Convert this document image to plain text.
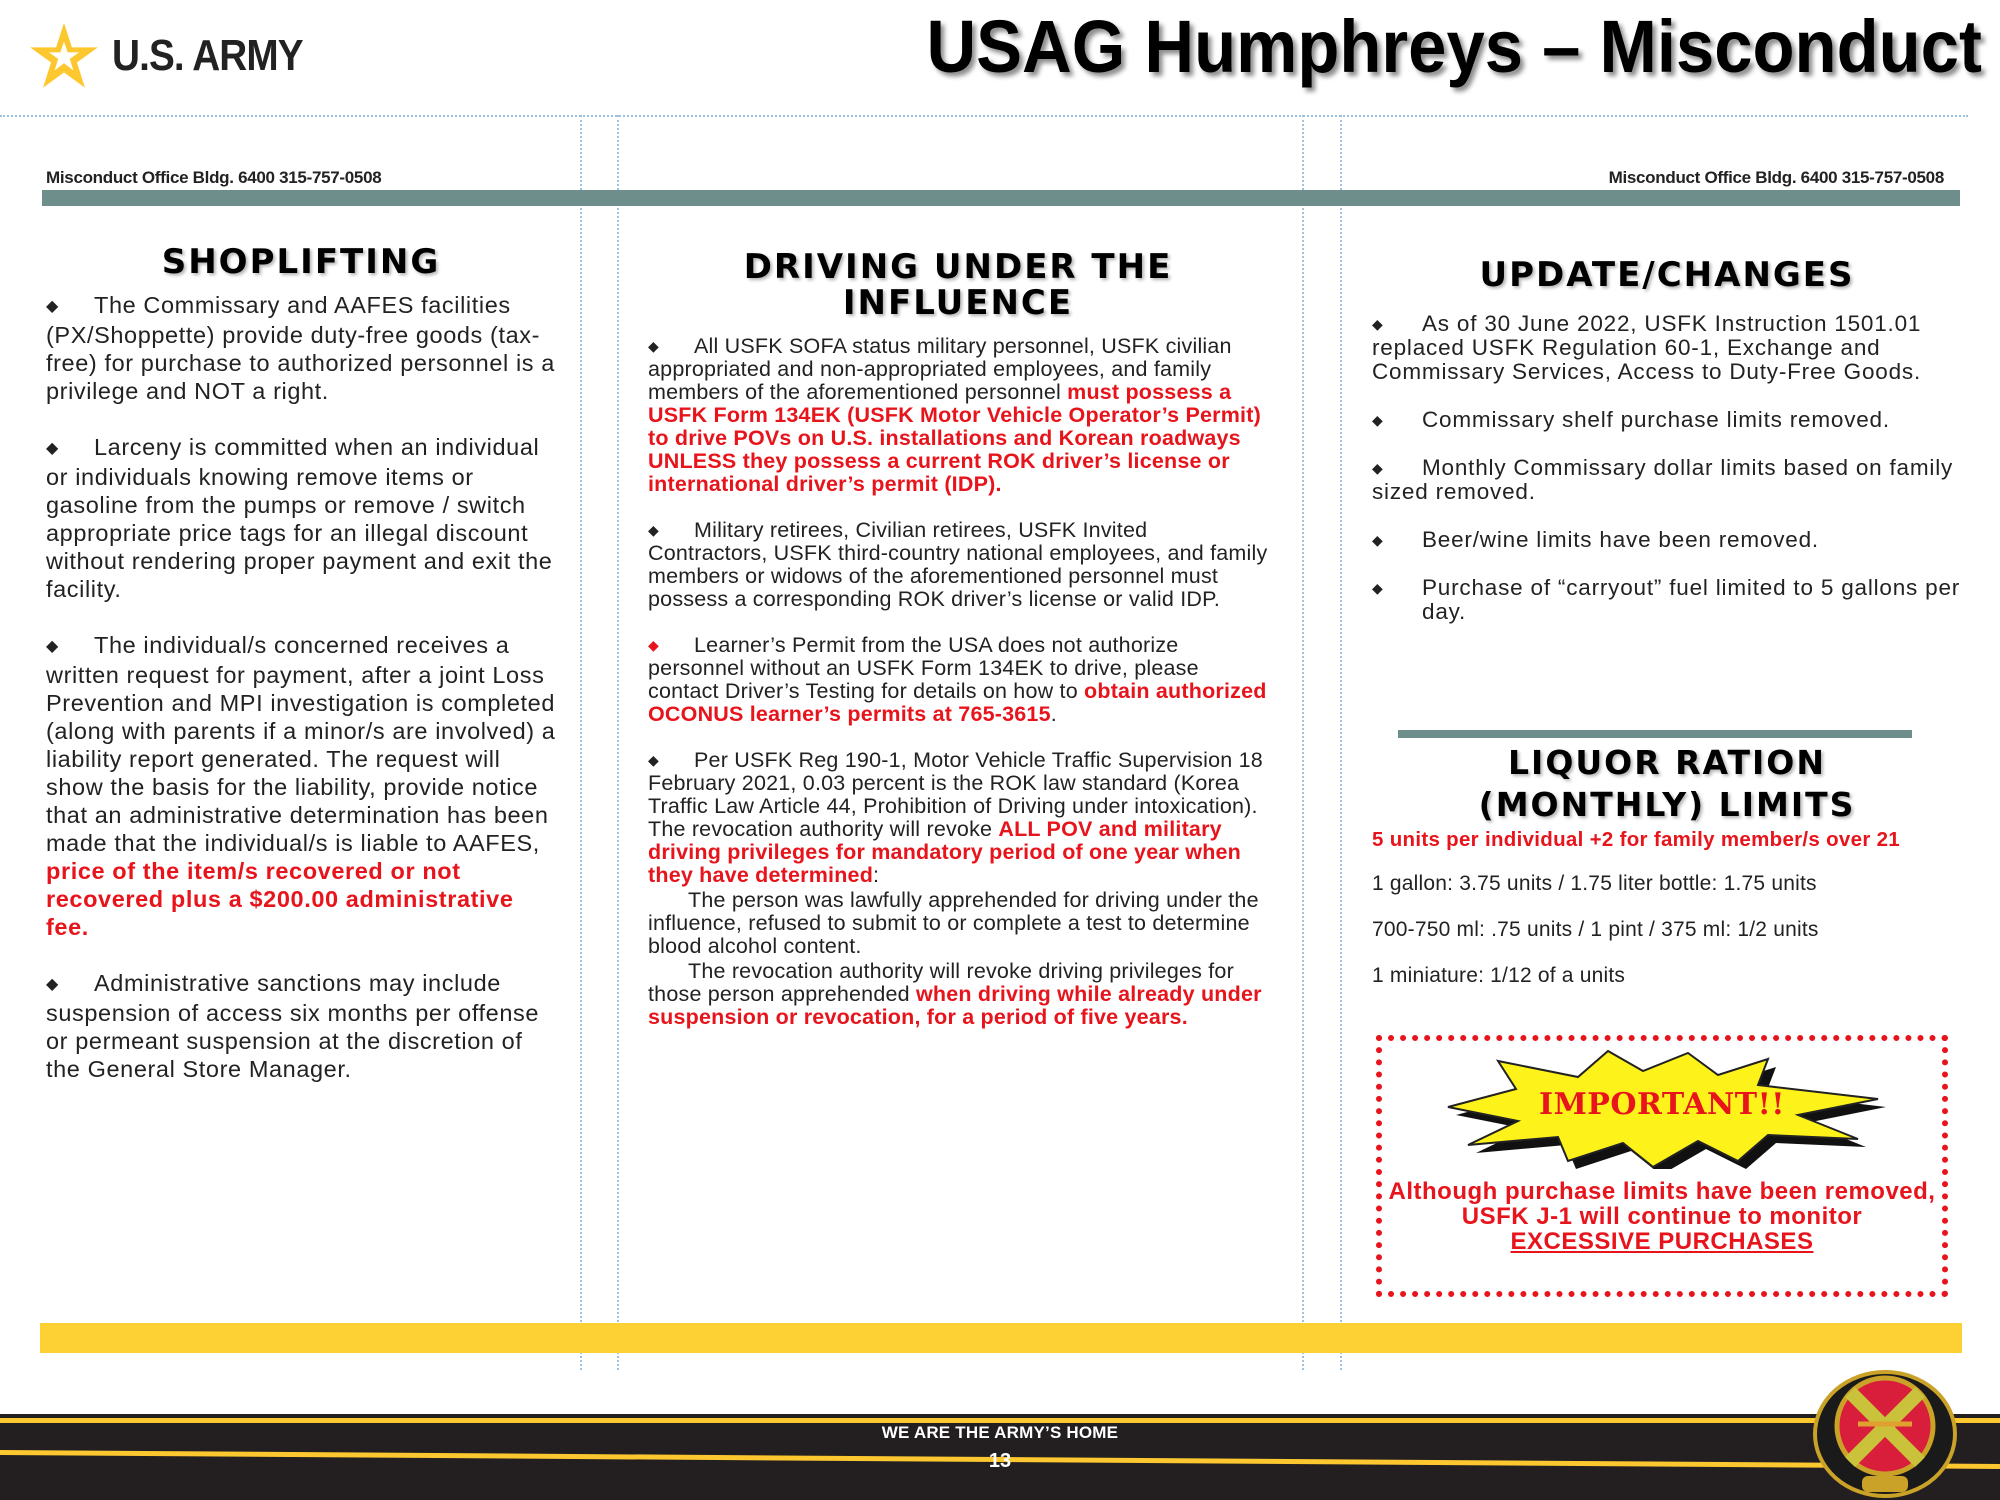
U.S. ARMY	USAG Humphreys – Misconduct
Misconduct Office Bldg. 6400 315-757-0508	Misconduct Office Bldg. 6400 315-757-0508
SHOPLIFTING

◆ The Commissary and AAFES facilities (PX/Shoppette) provide duty-free goods (tax-free) for purchase to authorized personnel is a privilege and NOT a right.

◆ Larceny is committed when an individual or individuals knowing remove items or gasoline from the pumps or remove / switch appropriate price tags for an illegal discount without rendering proper payment and exit the facility.

◆ The individual/s concerned receives a written request for payment, after a joint Loss Prevention and MPI investigation is completed (along with parents if a minor/s are involved) a liability report generated. The request will show the basis for the liability, provide notice that an administrative determination has been made that the individual/s is liable to AAFES, price of the item/s recovered or not recovered plus a $200.00 administrative fee.

◆ Administrative sanctions may include suspension of access six months per offense or permeant suspension at the discretion of the General Store Manager.

DRIVING UNDER THE
INFLUENCE

◆ All USFK SOFA status military personnel, USFK civilian appropriated and non-appropriated employees, and family members of the aforementioned personnel must possess a USFK Form 134EK (USFK Motor Vehicle Operator’s Permit) to drive POVs on U.S. installations and Korean roadways UNLESS they possess a current ROK driver’s license or international driver’s permit (IDP).

◆ Military retirees, Civilian retirees, USFK Invited Contractors, USFK third-country national employees, and family members or widows of the aforementioned personnel must possess a corresponding ROK driver’s license or valid IDP.

◆ Learner’s Permit from the USA does not authorize personnel without an USFK Form 134EK to drive, please contact Driver’s Testing for details on how to obtain authorized OCONUS learner’s permits at 765-3615.

◆ Per USFK Reg 190-1, Motor Vehicle Traffic Supervision 18 February 2021, 0.03 percent is the ROK law standard (Korea Traffic Law Article 44, Prohibition of Driving under intoxication). The revocation authority will revoke ALL POV and military driving privileges for mandatory period of one year when they have determined:

The person was lawfully apprehended for driving under the influence, refused to submit to or complete a test to determine blood alcohol content.

The revocation authority will revoke driving privileges for those person apprehended when driving while already under suspension or revocation, for a period of five years.

UPDATE/CHANGES

◆ As of 30 June 2022, USFK Instruction 1501.01 replaced USFK Regulation 60-1, Exchange and Commissary Services, Access to Duty-Free Goods.

◆ Commissary shelf purchase limits removed.

◆ Monthly Commissary dollar limits based on family sized removed.

◆ Beer/wine limits have been removed.

◆ Purchase of “carryout” fuel limited to 5 gallons per day.

LIQUOR RATION
(MONTHLY) LIMITS
5 units per individual +2 for family member/s over 21
1 gallon: 3.75 units / 1.75 liter bottle: 1.75 units
700-750 ml: .75 units / 1 pint / 375 ml: 1/2 units
1 miniature: 1/12 of a units
IMPORTANT!!
Although purchase limits have been removed, USFK J-1 will continue to monitor
EXCESSIVE PURCHASES
WE ARE THE ARMY’S HOME
13
